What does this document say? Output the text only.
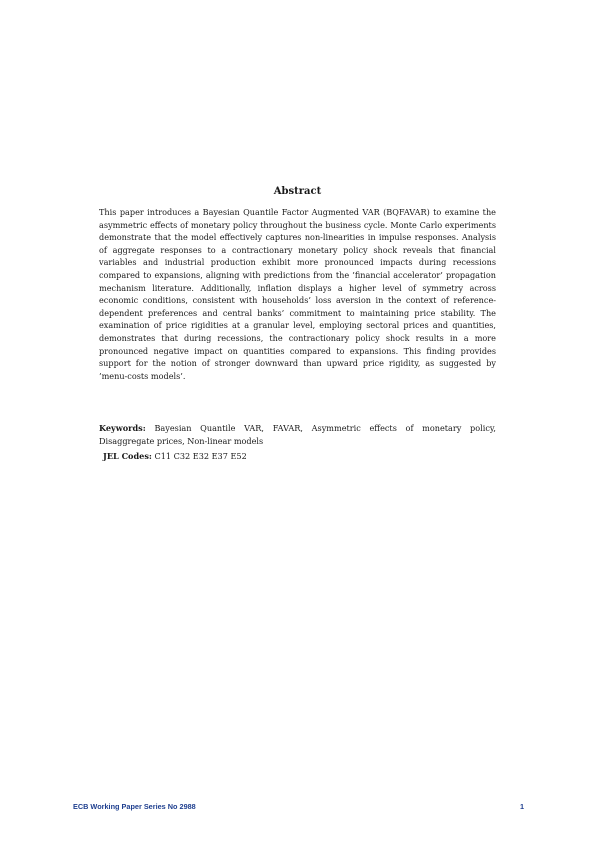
Abstract
This paper introduces a Bayesian Quantile Factor Augmented VAR (BQFAVAR) to examine the asymmetric effects of monetary policy throughout the business cycle. Monte Carlo experiments demonstrate that the model effectively captures non-linearities in impulse responses. Analysis of aggregate responses to a contractionary monetary policy shock reveals that financial variables and industrial production exhibit more pronounced impacts during recessions compared to expansions, aligning with predictions from the ’financial accelerator’ propagation mechanism literature. Additionally, inflation displays a higher level of symmetry across economic conditions, consistent with households’ loss aversion in the context of reference-dependent preferences and central banks’ commitment to maintaining price stability. The examination of price rigidities at a granular level, employing sectoral prices and quantities, demonstrates that during recessions, the contractionary policy shock results in a more pronounced negative impact on quantities compared to expansions. This finding provides support for the notion of stronger downward than upward price rigidity, as suggested by ’menu-costs models’.
Keywords: Bayesian Quantile VAR, FAVAR, Asymmetric effects of monetary policy, Disaggregate prices, Non-linear models
JEL Codes: C11 C32 E32 E37 E52
ECB Working Paper Series No 2988	1
